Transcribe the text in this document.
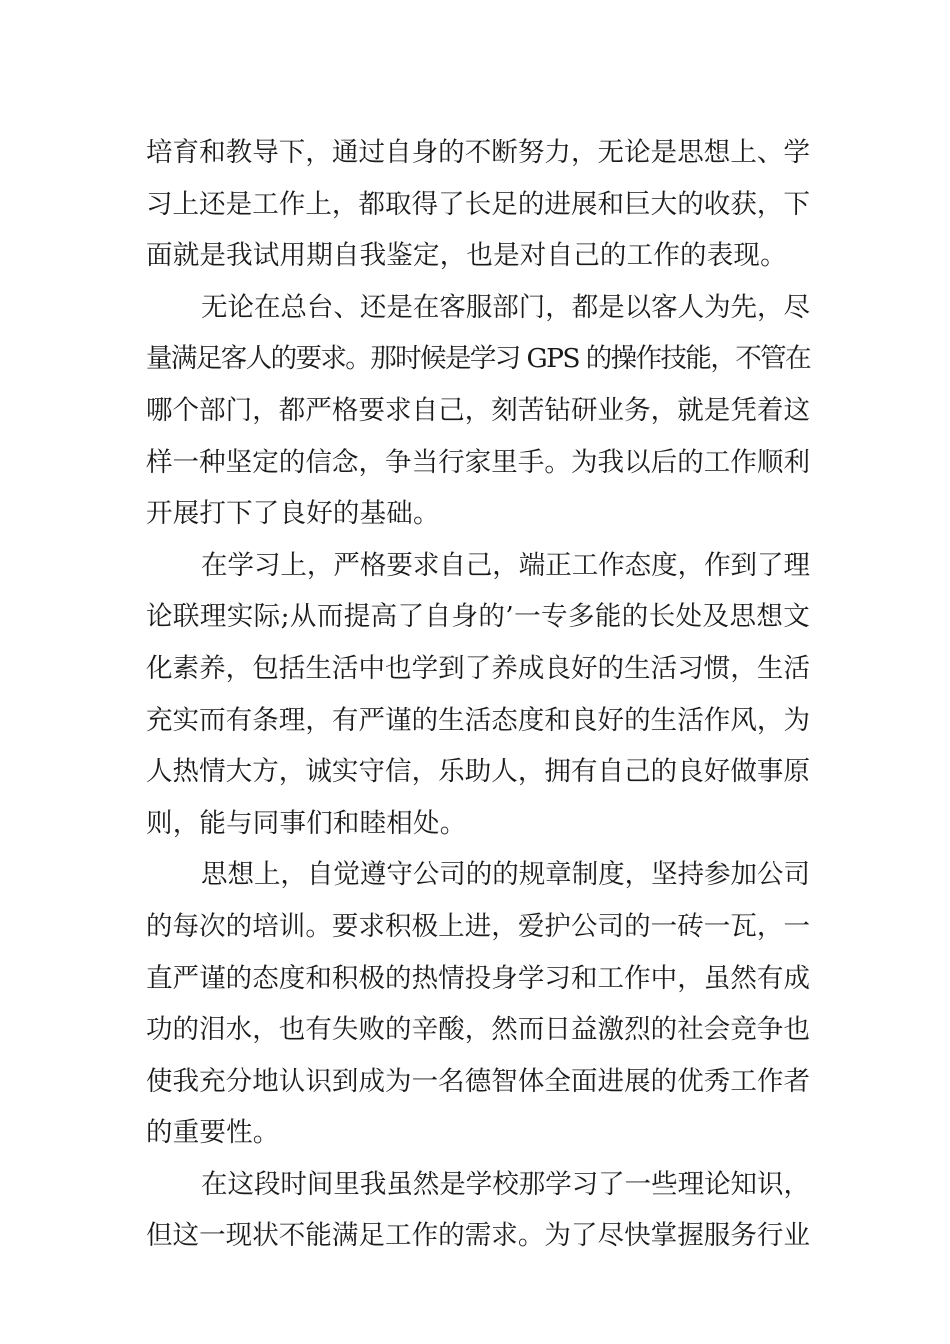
培育和教导下，通过自身的不断努力，无论是思想上、学
习上还是工作上，都取得了长足的进展和巨大的收获，下
面就是我试用期自我鉴定，也是对自己的工作的表现。
无论在总台、还是在客服部门，都是以客人为先，尽
量满足客人的要求。那时候是学习 GPS 的操作技能，不管在
哪个部门，都严格要求自己，刻苦钻研业务，就是凭着这
样一种坚定的信念，争当行家里手。为我以后的工作顺利
开展打下了良好的基础。
在学习上，严格要求自己，端正工作态度，作到了理
论联理实际;从而提高了自身的’一专多能的长处及思想文
化素养，包括生活中也学到了养成良好的生活习惯，生活
充实而有条理，有严谨的生活态度和良好的生活作风，为
人热情大方，诚实守信，乐助人，拥有自己的良好做事原
则，能与同事们和睦相处。
思想上，自觉遵守公司的的规章制度，坚持参加公司
的每次的培训。要求积极上进，爱护公司的一砖一瓦，一
直严谨的态度和积极的热情投身学习和工作中，虽然有成
功的泪水，也有失败的辛酸，然而日益激烈的社会竞争也
使我充分地认识到成为一名德智体全面进展的优秀工作者
的重要性。
在这段时间里我虽然是学校那学习了一些理论知识，
但这一现状不能满足工作的需求。为了尽快掌握服务行业
